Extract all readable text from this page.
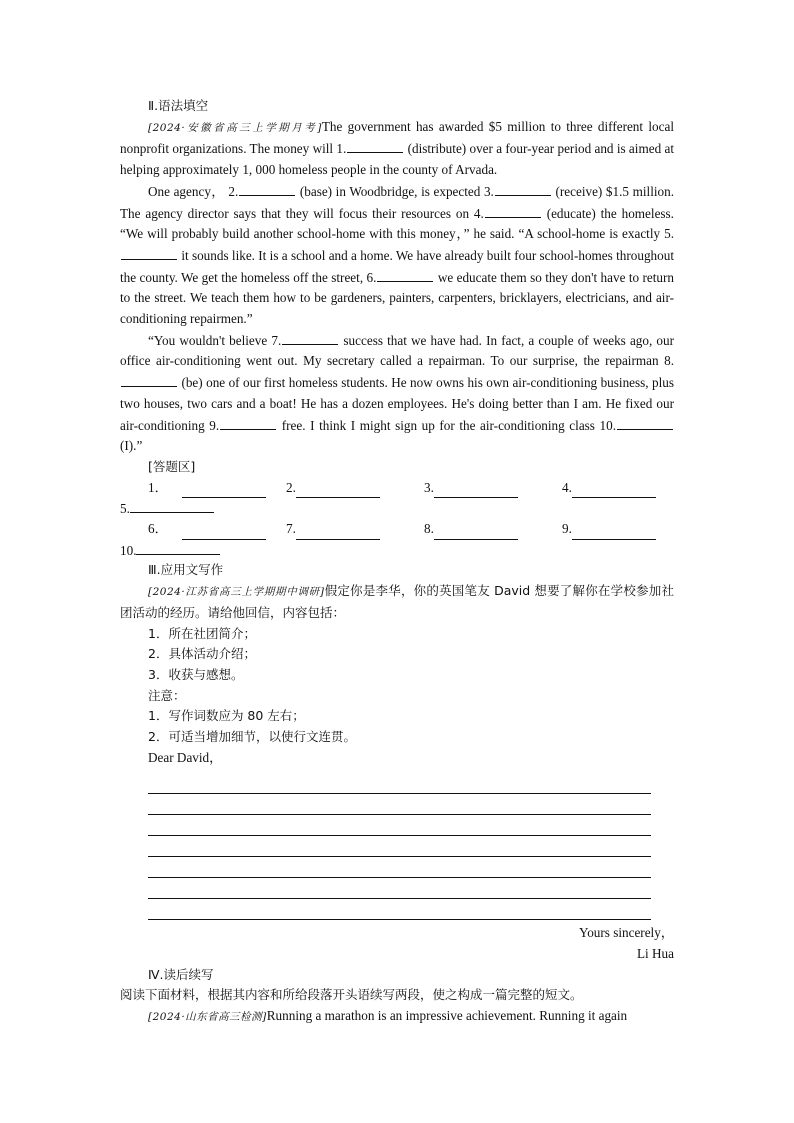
Ⅱ.语法填空

[2024·安徽省高三上学期月考]The government has awarded $5 million to three different local nonprofit organizations. The money will 1.	(distribute) over a four-year period and is aimed at helping approximately 1, 000 homeless people in the county of Arvada.

One agency， 2.	(base) in Woodbridge, is expected 3.	(receive) $1.5 million. The agency director says that they will focus their resources on 4.	(educate) the homeless. “We will probably build another school-home with this money，” he said. “A school-home is exactly 5. it sounds like. It is a school and a home. We have already built four school-homes throughout the county. We get the homeless off the street, 6.	we educate them so they don't have to return to the street. We teach them how to be gardeners, painters, carpenters, bricklayers, electricians, and air-conditioning repairmen.”

“You wouldn't believe 7.	success that we have had. In fact, a couple of weeks ago, our office air-conditioning went out. My secretary called a repairman. To our surprise, the repairman 8. (be) one of our first homeless students. He now owns his own air-conditioning business, plus two houses, two cars and a boat! He has a dozen employees. He's doing better than I am. He fixed our air-conditioning 9.	free. I think I might sign up for the air-conditioning class 10.(I).”

[答题区]

1．	2.	3.	4.
5.
6．	7.	8.	9.
10.

Ⅲ.应用文写作

[2024·江苏省高三上学期期中调研]假定你是李华，你的英国笔友 David 想要了解你在学校参加社团活动的经历。请给他回信，内容包括：

1．所在社团简介；

2．具体活动介绍；

3．收获与感想。

注意：

1．写作词数应为 80 左右；

2．可适当增加细节，以使行文连贯。

Dear David，

Yours sincerely，

Li Hua

Ⅳ.读后续写

阅读下面材料，根据其内容和所给段落开头语续写两段，使之构成一篇完整的短文。

[2024·山东省高三检测]Running a marathon is an impressive achievement. Running it again
